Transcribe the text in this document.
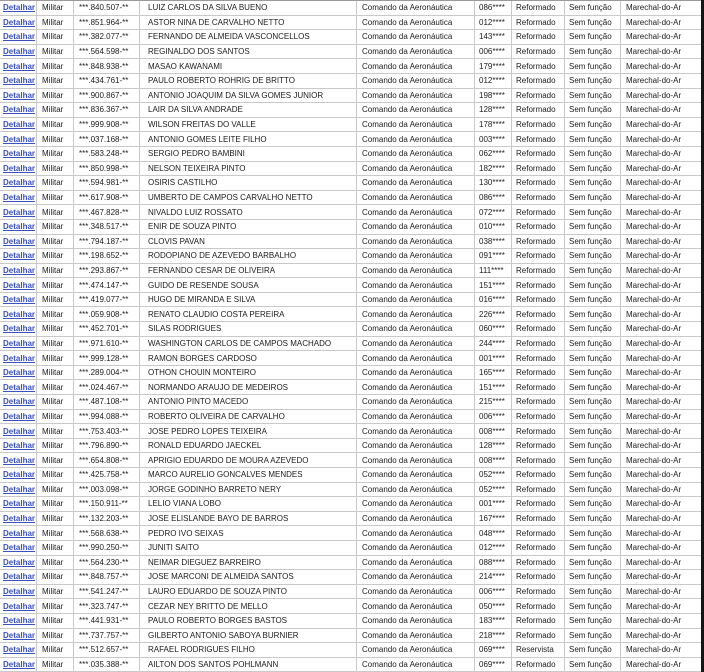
Detalhar Militar ***.840.507-** LUIZ CARLOS DA SILVA BUENO	Comando da Aeronáutica	086**** Reformado Sem função Marechal-do-Ar
Detalhar Militar ***.851.964-** ASTOR NINA DE CARVALHO NETTO	Comando da Aeronáutica	012**** Reformado Sem função Marechal-do-Ar
Detalhar Militar ***.382.077-** FERNANDO DE ALMEIDA VASCONCELLOS	Comando da Aeronáutica	143**** Reformado Sem função Marechal-do-Ar
Detalhar Militar ***.564.598-** REGINALDO DOS SANTOS	Comando da Aeronáutica	006**** Reformado Sem função Marechal-do-Ar
Detalhar Militar ***.848.938-** MASAO KAWANAMI	Comando da Aeronáutica	179**** Reformado Sem função Marechal-do-Ar
Detalhar Militar ***.434.761-** PAULO ROBERTO ROHRIG DE BRITTO	Comando da Aeronáutica	012**** Reformado Sem função Marechal-do-Ar
Detalhar Militar ***.900.867-** ANTONIO JOAQUIM DA SILVA GOMES JUNIOR	Comando da Aeronáutica	198**** Reformado Sem função Marechal-do-Ar
Detalhar Militar ***.836.367-** LAIR DA SILVA ANDRADE	Comando da Aeronáutica	128**** Reformado Sem função Marechal-do-Ar
Detalhar Militar ***.999.908-** WILSON FREITAS DO VALLE	Comando da Aeronáutica	178**** Reformado Sem função Marechal-do-Ar
Detalhar Militar ***.037.168-** ANTONIO GOMES LEITE FILHO	Comando da Aeronáutica	003**** Reformado Sem função Marechal-do-Ar
Detalhar Militar ***.583.248-** SERGIO PEDRO BAMBINI	Comando da Aeronáutica	062**** Reformado Sem função Marechal-do-Ar
Detalhar Militar ***.850.998-** NELSON TEIXEIRA PINTO	Comando da Aeronáutica	182**** Reformado Sem função Marechal-do-Ar
Detalhar Militar ***.594.981-** OSIRIS CASTILHO	Comando da Aeronáutica	130**** Reformado Sem função Marechal-do-Ar
Detalhar Militar ***.617.908-** UMBERTO DE CAMPOS CARVALHO NETTO	Comando da Aeronáutica	086**** Reformado Sem função Marechal-do-Ar
Detalhar Militar ***.467.828-** NIVALDO LUIZ ROSSATO	Comando da Aeronáutica	072**** Reformado Sem função Marechal-do-Ar
Detalhar Militar ***.348.517-** ENIR DE SOUZA PINTO	Comando da Aeronáutica	010**** Reformado Sem função Marechal-do-Ar
Detalhar Militar ***.794.187-** CLOVIS PAVAN	Comando da Aeronáutica	038**** Reformado Sem função Marechal-do-Ar
Detalhar Militar ***.198.652-** RODOPIANO DE AZEVEDO BARBALHO	Comando da Aeronáutica	091**** Reformado Sem função Marechal-do-Ar
Detalhar Militar ***.293.867-** FERNANDO CESAR DE OLIVEIRA	Comando da Aeronáutica	111**** Reformado Sem função Marechal-do-Ar
Detalhar Militar ***.474.147-** GUIDO DE RESENDE SOUSA	Comando da Aeronáutica	151**** Reformado Sem função Marechal-do-Ar
Detalhar Militar ***.419.077-** HUGO DE MIRANDA E SILVA	Comando da Aeronáutica	016**** Reformado Sem função Marechal-do-Ar
Detalhar Militar ***.059.908-** RENATO CLAUDIO COSTA PEREIRA	Comando da Aeronáutica	226**** Reformado Sem função Marechal-do-Ar
Detalhar Militar ***.452.701-** SILAS RODRIGUES	Comando da Aeronáutica	060**** Reformado Sem função Marechal-do-Ar
Detalhar Militar ***.971.610-** WASHINGTON CARLOS DE CAMPOS MACHADO	Comando da Aeronáutica	244**** Reformado Sem função Marechal-do-Ar
Detalhar Militar ***.999.128-** RAMON BORGES CARDOSO	Comando da Aeronáutica	001**** Reformado Sem função Marechal-do-Ar
Detalhar Militar ***.289.004-** OTHON CHOUIN MONTEIRO	Comando da Aeronáutica	165**** Reformado Sem função Marechal-do-Ar
Detalhar Militar ***.024.467-** NORMANDO ARAUJO DE MEDEIROS	Comando da Aeronáutica	151**** Reformado Sem função Marechal-do-Ar
Detalhar Militar ***.487.108-** ANTONIO PINTO MACEDO	Comando da Aeronáutica	215**** Reformado Sem função Marechal-do-Ar
Detalhar Militar ***.994.088-** ROBERTO OLIVEIRA DE CARVALHO	Comando da Aeronáutica	006**** Reformado Sem função Marechal-do-Ar
Detalhar Militar ***.753.403-** JOSE PEDRO LOPES TEIXEIRA	Comando da Aeronáutica	008**** Reformado Sem função Marechal-do-Ar
Detalhar Militar ***.796.890-** RONALD EDUARDO JAECKEL	Comando da Aeronáutica	128**** Reformado Sem função Marechal-do-Ar
Detalhar Militar ***.654.808-** APRIGIO EDUARDO DE MOURA AZEVEDO	Comando da Aeronáutica	008**** Reformado Sem função Marechal-do-Ar
Detalhar Militar ***.425.758-** MARCO AURELIO GONCALVES MENDES	Comando da Aeronáutica	052**** Reformado Sem função Marechal-do-Ar
Detalhar Militar ***.003.098-** JORGE GODINHO BARRETO NERY	Comando da Aeronáutica	052**** Reformado Sem função Marechal-do-Ar
Detalhar Militar ***.150.911-**	LELIO VIANA LOBO	Comando da Aeronáutica	001**** Reformado Sem função Marechal-do-Ar
Detalhar Militar ***.132.203-** JOSE ELISLANDE BAYO DE BARROS	Comando da Aeronáutica	167**** Reformado Sem função Marechal-do-Ar
Detalhar Militar ***.568.638-** PEDRO IVO SEIXAS	Comando da Aeronáutica	048**** Reformado Sem função Marechal-do-Ar
Detalhar Militar ***.990.250-** JUNITI SAITO	Comando da Aeronáutica	012**** Reformado Sem função Marechal-do-Ar
Detalhar Militar ***.564.230-** NEIMAR DIEGUEZ BARREIRO	Comando da Aeronáutica	088**** Reformado Sem função Marechal-do-Ar
Detalhar Militar ***.848.757-** JOSE MARCONI DE ALMEIDA SANTOS	Comando da Aeronáutica	214**** Reformado Sem função Marechal-do-Ar
Detalhar Militar ***.541.247-** LAURO EDUARDO DE SOUZA PINTO	Comando da Aeronáutica	006**** Reformado Sem função Marechal-do-Ar
Detalhar Militar ***.323.747-** CEZAR NEY BRITTO DE MELLO	Comando da Aeronáutica	050**** Reformado Sem função Marechal-do-Ar
Detalhar Militar ***.441.931-** PAULO ROBERTO BORGES BASTOS	Comando da Aeronáutica	183**** Reformado Sem função Marechal-do-Ar
Detalhar Militar ***.737.757-** GILBERTO ANTONIO SABOYA BURNIER	Comando da Aeronáutica	218**** Reformado Sem função Marechal-do-Ar
Detalhar Militar ***.512.657-** RAFAEL RODRIGUES FILHO	Comando da Aeronáutica	069**** Reservista Sem função Marechal-do-Ar
Detalhar Militar ***.035.388-** AILTON DOS SANTOS POHLMANN	Comando da Aeronáutica	069**** Reformado Sem função Marechal-do-Ar
